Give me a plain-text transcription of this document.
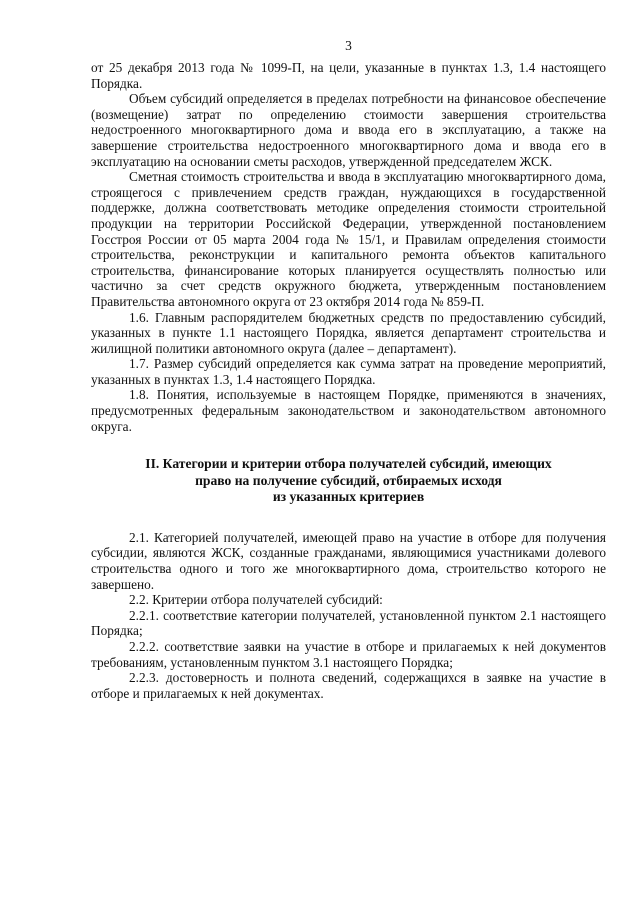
3

от 25 декабря 2013 года № 1099-П, на цели, указанные в пунктах 1.3, 1.4 настоящего Порядка.

Объем субсидий определяется в пределах потребности на финансовое обеспечение (возмещение) затрат по определению стоимости завершения строительства недостроенного многоквартирного дома и ввода его в эксплуатацию, а также на завершение строительства недостроенного многоквартирного дома и ввода его в эксплуатацию на основании сметы расходов, утвержденной председателем ЖСК.

Сметная стоимость строительства и ввода в эксплуатацию многоквартирного дома, строящегося с привлечением средств граждан, нуждающихся в государственной поддержке, должна соответствовать методике определения стоимости строительной продукции на территории Российской Федерации, утвержденной постановлением Госстроя России от 05 марта 2004 года № 15/1, и Правилам определения стоимости строительства, реконструкции и капитального ремонта объектов капитального строительства, финансирование которых планируется осуществлять полностью или частично за счет средств окружного бюджета, утвержденным постановлением Правительства автономного округа от 23 октября 2014 года № 859-П.

1.6. Главным распорядителем бюджетных средств по предоставлению субсидий, указанных в пункте 1.1 настоящего Порядка, является департамент строительства и жилищной политики автономного округа (далее – департамент).

1.7. Размер субсидий определяется как сумма затрат на проведение мероприятий, указанных в пунктах 1.3, 1.4 настоящего Порядка.

1.8. Понятия, используемые в настоящем Порядке, применяются в значениях, предусмотренных федеральным законодательством и законодательством автономного округа.

II. Категории и критерии отбора получателей субсидий, имеющих
право на получение субсидий, отбираемых исходя
из указанных критериев

2.1. Категорией получателей, имеющей право на участие в отборе для получения субсидии, являются ЖСК, созданные гражданами, являющимися участниками долевого строительства одного и того же многоквартирного дома, строительство которого не завершено.

2.2. Критерии отбора получателей субсидий:

2.2.1. соответствие категории получателей, установленной пунктом 2.1 настоящего Порядка;

2.2.2. соответствие заявки на участие в отборе и прилагаемых к ней документов требованиям, установленным пунктом 3.1 настоящего Порядка;

2.2.3. достоверность и полнота сведений, содержащихся в заявке на участие в отборе и прилагаемых к ней документах.
